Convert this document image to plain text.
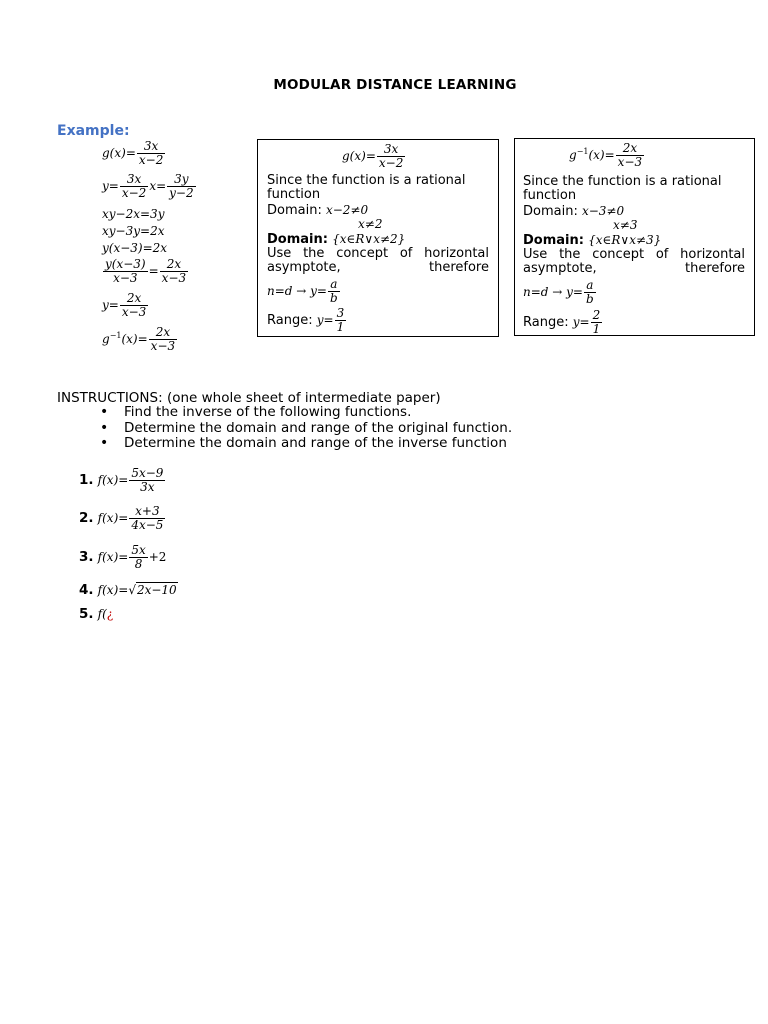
MODULAR DISTANCE LEARNING
Example:
$g(x)= \frac{3x}{x-2}$
$y= \frac{3x}{x-2} x= \frac{3y}{y-2}$
xy−2x=3y
xy−3y=2x
y(x−3)=2x
$\frac{y(x-3)}{x-3} = \frac{2x}{x-3}$
$y= \frac{2x}{x-3}$
$g^{-1}(x)= \frac{2x}{x-3}$
$g(x)= \frac{3x}{x-2}$
Since the function is a rational
function
Domain: x−2≠0
x≠2
Domain: {x∈R∨x≠2}
Use the concept of horizontal
asymptote, therefore
$n=d \to y= \frac{a}{b}$
Range: $y= \frac{3}{1}$
$g^{-1}(x)= \frac{2x}{x-3}$
Since the function is a rational
function
Domain: x−3≠0
x≠3
Domain: {x∈R∨x≠3}
Use the concept of horizontal
asymptote, therefore
$n=d \to y= \frac{a}{b}$
Range: $y= \frac{2}{1}$
INSTRUCTIONS: (one whole sheet of intermediate paper)
• Find the inverse of the following functions.
• Determine the domain and range of the original function.
• Determine the domain and range of the inverse function
1. $f(x)= \frac{5x-9}{3x}$
2. $f(x)= \frac{x+3}{4x-5}$
3. $f(x)= \frac{5x}{8} +2$
4. f(x)=√2x−10
5. f(¿
